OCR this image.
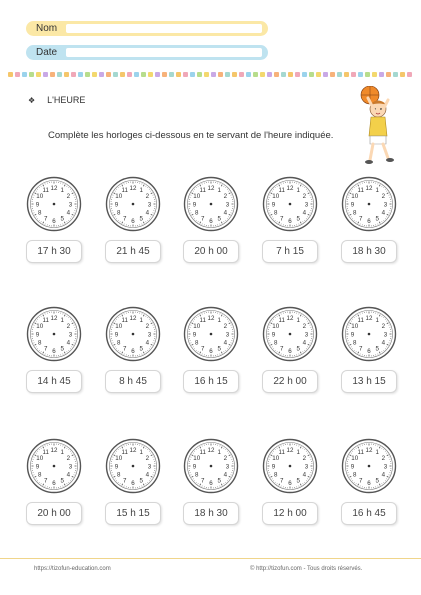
Nom
Date
❖ L'HEURE
Complète les horloges ci-dessous en te servant de l'heure indiquée.
12 1
2
3
4
5
6
7
8
9
10
11
17 h 30
12 1
2
3
4
5
6
7
8
9
10
11
21 h 45
12 1
2
3
4
5
6
7
8
9
10
11
20 h 00
12 1
2
3
4
5
6
7
8
9
10
11
7 h 15
12 1
2
3
4
5
6
7
8
9
10
11
18 h 30
12 1
2
3
4
5
6
7
8
9
10
11
14 h 45
12 1
2
3
4
5
6
7
8
9
10
11
8 h 45
12 1
2
3
4
5
6
7
8
9
10
11
16 h 15
12 1
2
3
4
5
6
7
8
9
10
11
22 h 00
12 1
2
3
4
5
6
7
8
9
10
11
13 h 15
12 1
2
3
4
5
6
7
8
9
10
11
20 h 00
12 1
2
3
4
5
6
7
8
9
10
11
15 h 15
12 1
2
3
4
5
6
7
8
9
10
11
18 h 30
12 1
2
3
4
5
6
7
8
9
10
11
12 h 00
12 1
2
3
4
5
6
7
8
9
10
11
16 h 45
https://tizofun-education.com	© http://tizofun.com - Tous droits réservés.
